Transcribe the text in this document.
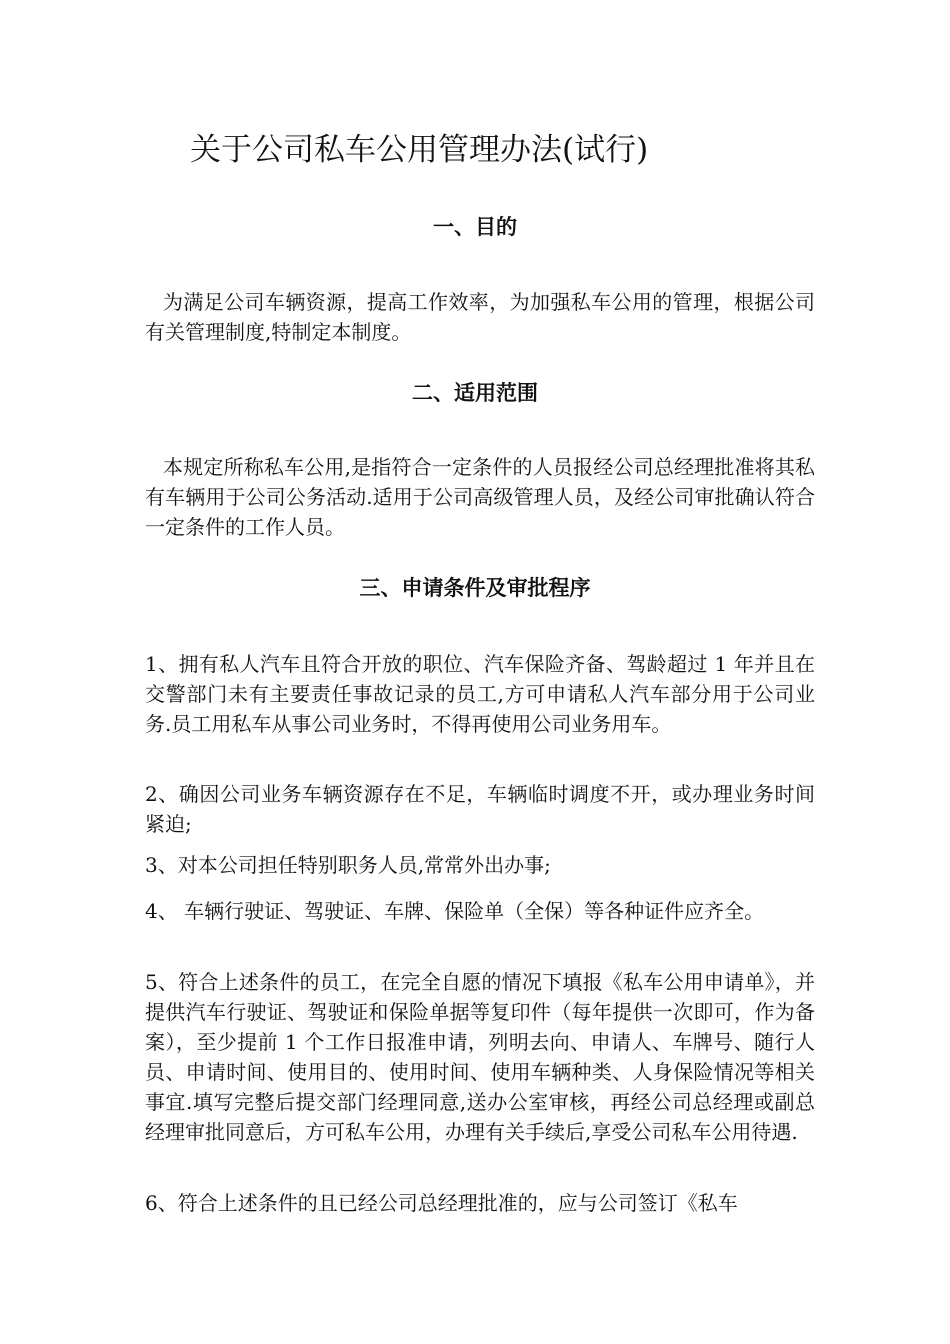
关于公司私车公用管理办法(试行)
一、目的

为满足公司车辆资源，提高工作效率，为加强私车公用的管理，根据公司有关管理制度,特制定本制度。

二、适用范围

本规定所称私车公用,是指符合一定条件的人员报经公司总经理批准将其私有车辆用于公司公务活动.适用于公司高级管理人员，及经公司审批确认符合一定条件的工作人员。

三、申请条件及审批程序

1、拥有私人汽车且符合开放的职位、汽车保险齐备、驾龄超过 1 年并且在交警部门未有主要责任事故记录的员工,方可申请私人汽车部分用于公司业务.员工用私车从事公司业务时，不得再使用公司业务用车。

2、确因公司业务车辆资源存在不足，车辆临时调度不开，或办理业务时间紧迫;

3、对本公司担任特别职务人员,常常外出办事;

4、 车辆行驶证、驾驶证、车牌、保险单（全保）等各种证件应齐全。

5、符合上述条件的员工，在完全自愿的情况下填报《私车公用申请单》，并提供汽车行驶证、驾驶证和保险单据等复印件（每年提供一次即可，作为备案），至少提前 1 个工作日报准申请，列明去向、申请人、车牌号、随行人员、申请时间、使用目的、使用时间、使用车辆种类、人身保险情况等相关事宜.填写完整后提交部门经理同意,送办公室审核，再经公司总经理或副总经理审批同意后，方可私车公用，办理有关手续后,享受公司私车公用待遇.

6、符合上述条件的且已经公司总经理批准的，应与公司签订《私车
